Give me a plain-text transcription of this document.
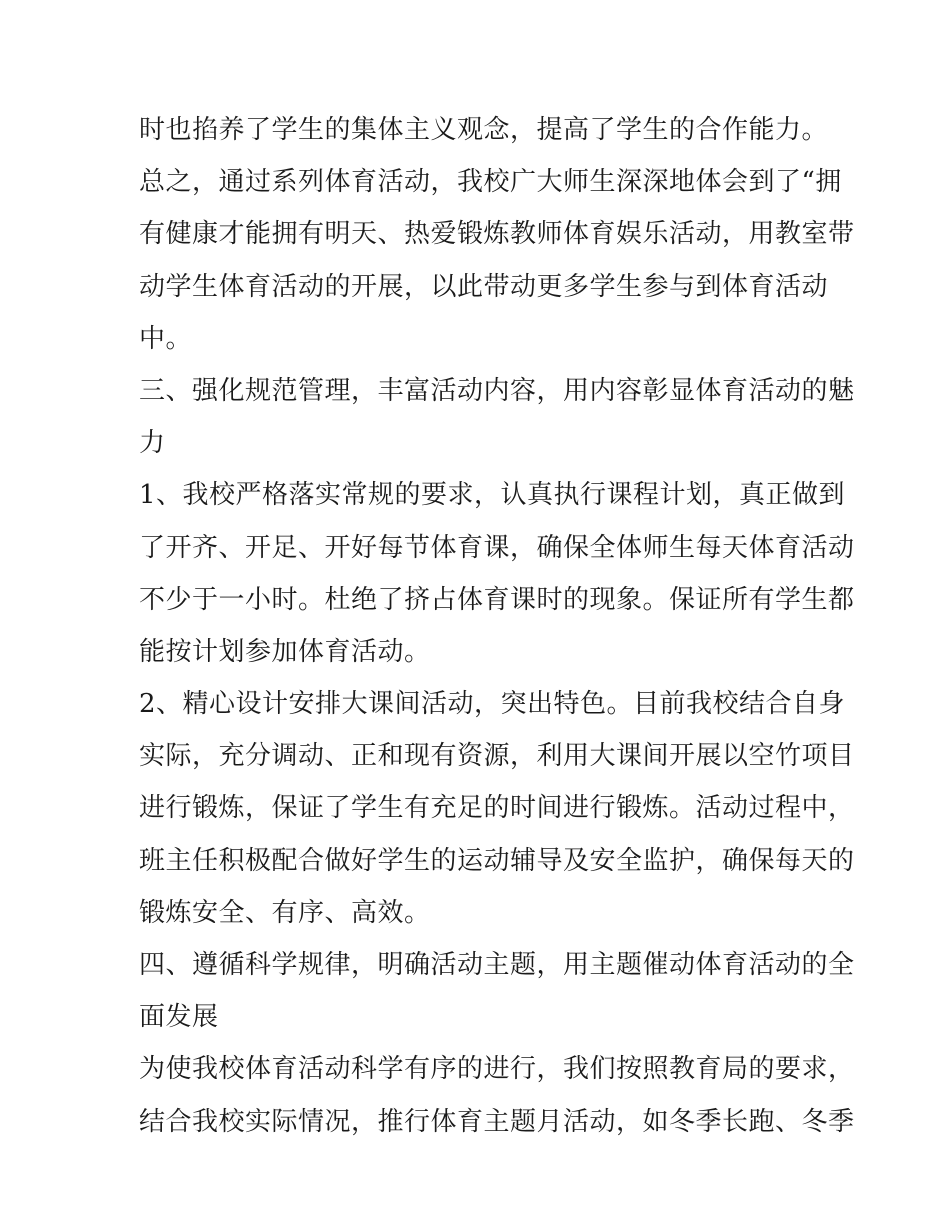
时也掐养了学生的集体主义观念，提高了学生的合作能力。
总之，通过系列体育活动，我校广大师生深深地体会到了“拥
有健康才能拥有明天、热爱锻炼教师体育娱乐活动，用教室带
动学生体育活动的开展，以此带动更多学生参与到体育活动
中。
三、强化规范管理，丰富活动内容，用内容彰显体育活动的魅
力
1、我校严格落实常规的要求，认真执行课程计划，真正做到
了开齐、开足、开好每节体育课，确保全体师生每天体育活动
不少于一小时。杜绝了挤占体育课时的现象。保证所有学生都
能按计划参加体育活动。
2、精心设计安排大课间活动，突出特色。目前我校结合自身
实际，充分调动、正和现有资源，利用大课间开展以空竹项目
进行锻炼，保证了学生有充足的时间进行锻炼。活动过程中，
班主任积极配合做好学生的运动辅导及安全监护，确保每天的
锻炼安全、有序、高效。
四、遵循科学规律，明确活动主题，用主题催动体育活动的全
面发展
为使我校体育活动科学有序的进行，我们按照教育局的要求，
结合我校实际情况，推行体育主题月活动，如冬季长跑、冬季
